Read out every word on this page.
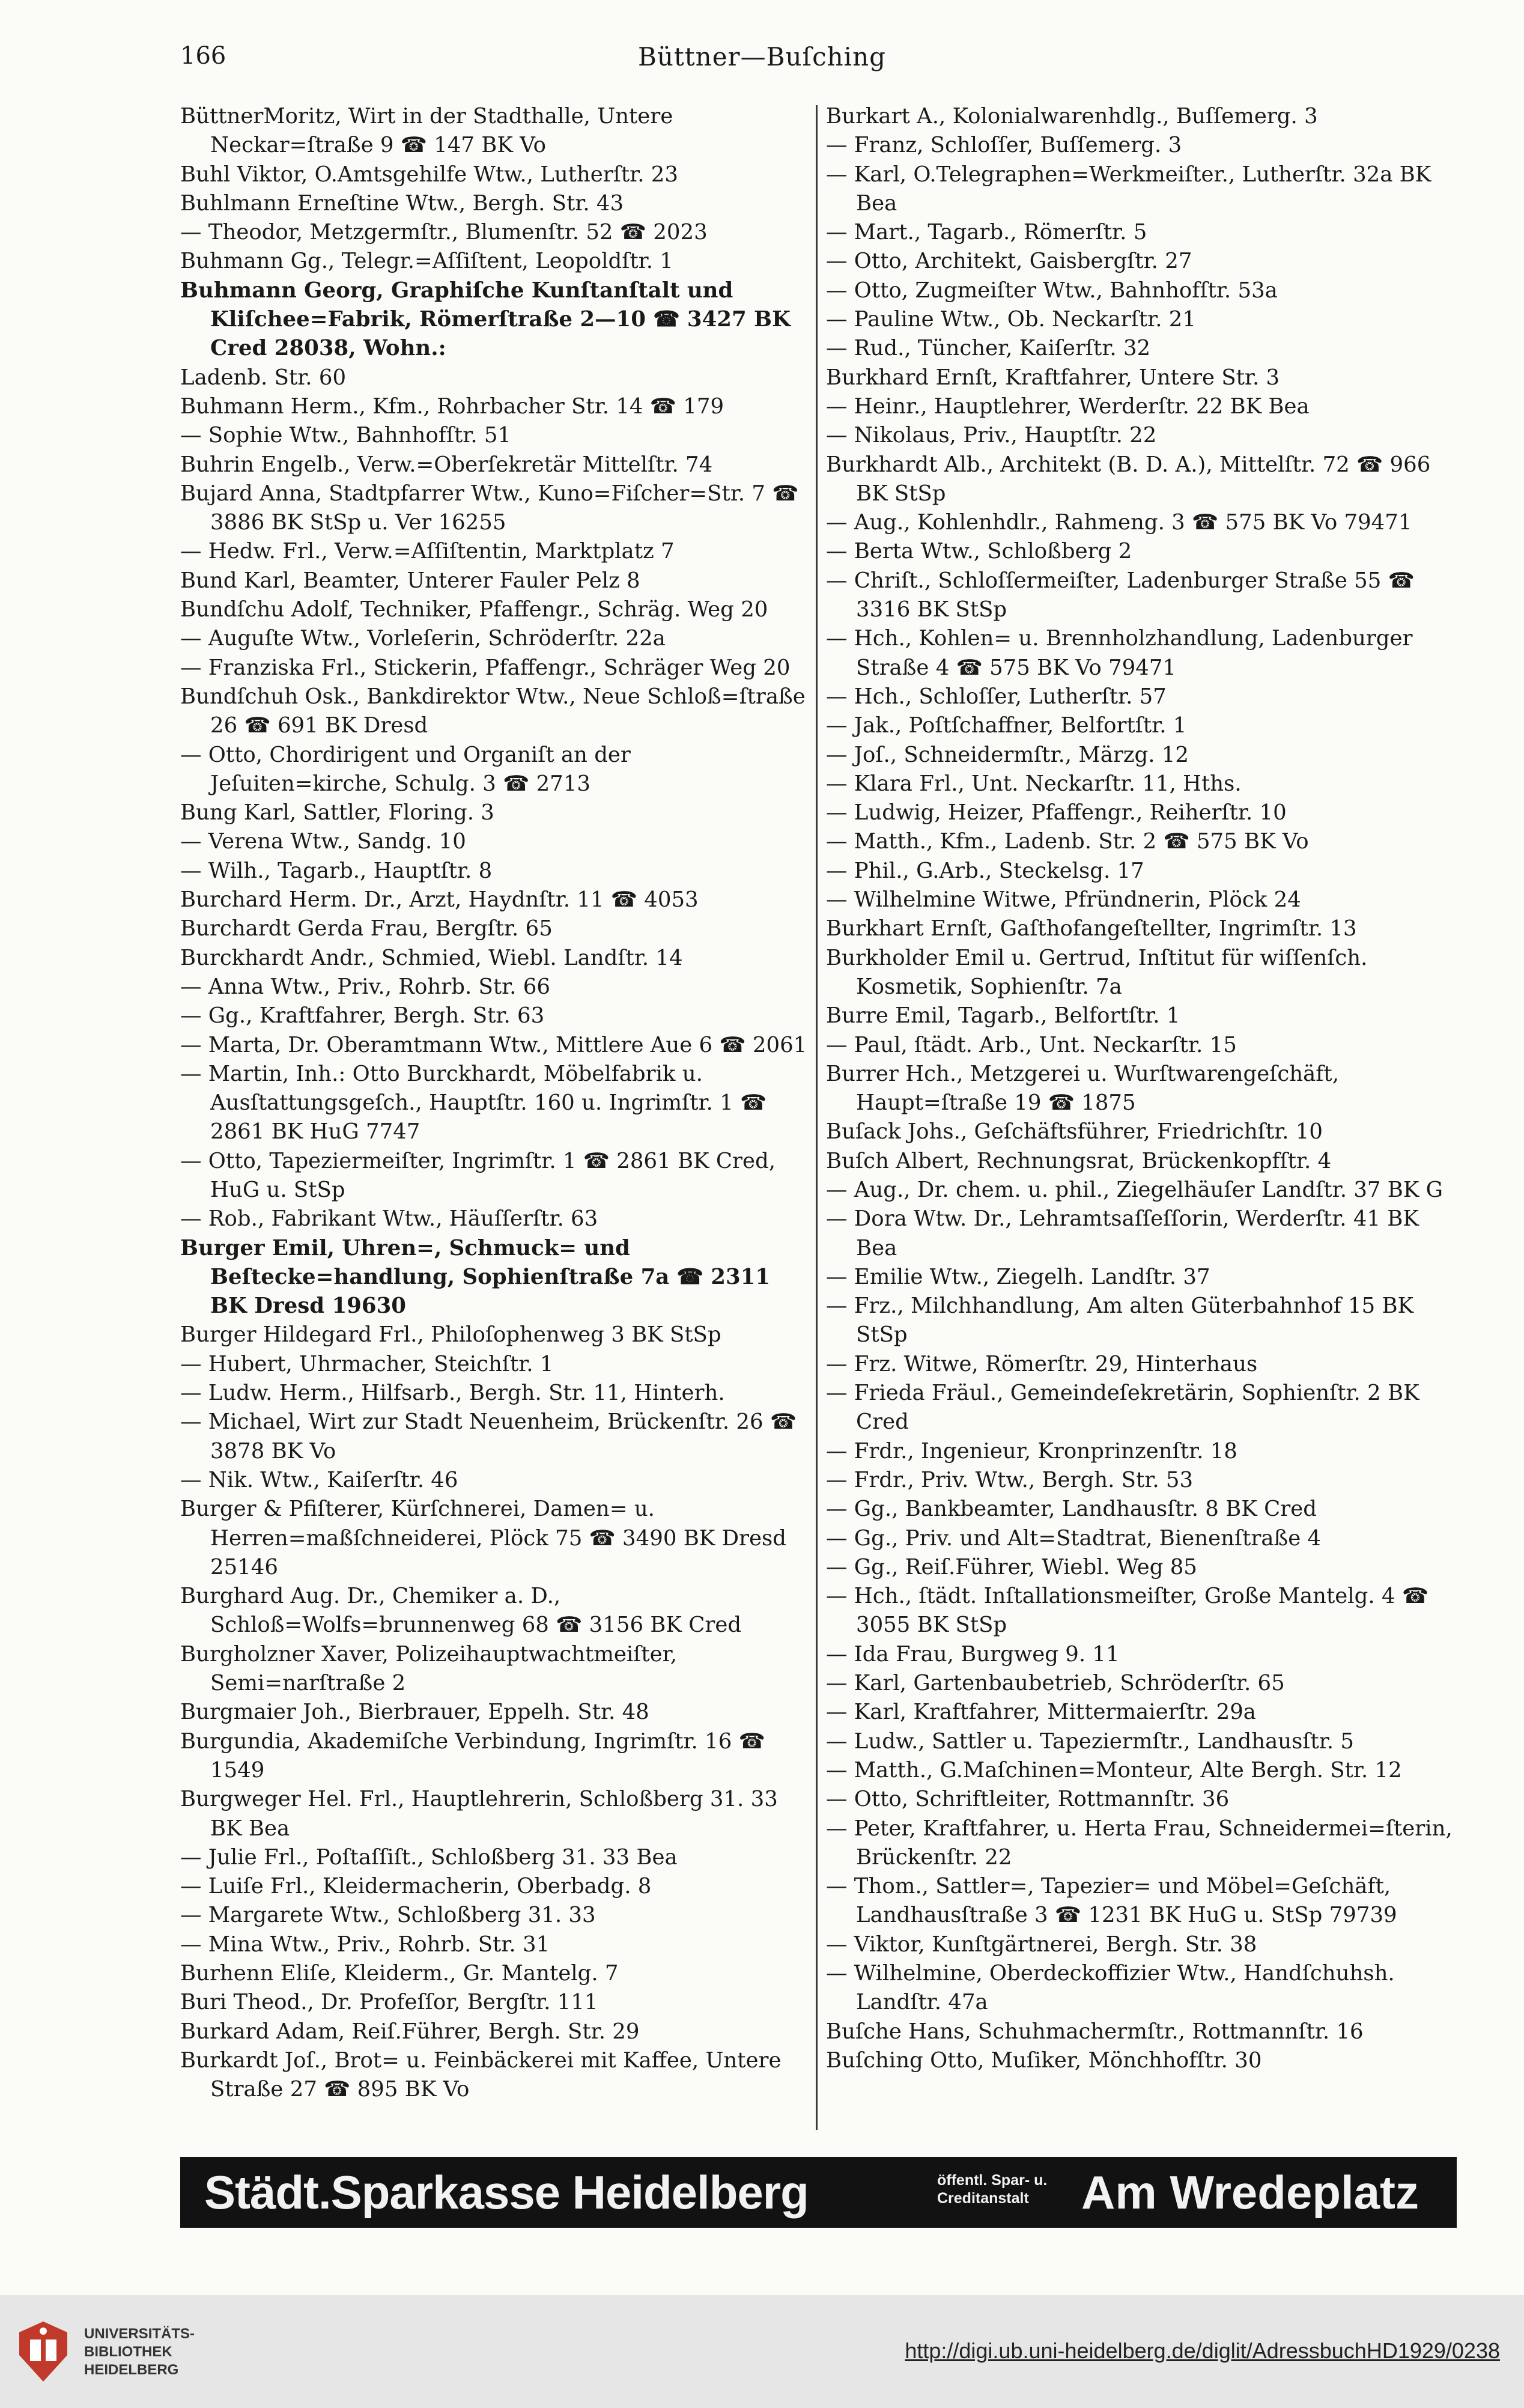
166	Büttner—Buſching
BüttnerMoritz, Wirt in der Stadthalle, Untere Neckar=ſtraße 9 ☎ 147 BK Vo
Buhl Viktor, O.Amtsgehilfe Wtw., Lutherſtr. 23
Buhlmann Erneſtine Wtw., Bergh. Str. 43
— Theodor, Metzgermſtr., Blumenſtr. 52 ☎ 2023
Buhmann Gg., Telegr.=Aſſiſtent, Leopoldſtr. 1
Buhmann Georg, Graphiſche Kunſtanſtalt und Kliſchee=Fabrik, Römerſtraße 2—10 ☎ 3427 BK Cred 28038, Wohn.:
Ladenb. Str. 60
Buhmann Herm., Kfm., Rohrbacher Str. 14 ☎ 179
— Sophie Wtw., Bahnhofſtr. 51
Buhrin Engelb., Verw.=Oberſekretär Mittelſtr. 74
Bujard Anna, Stadtpfarrer Wtw., Kuno=Fiſcher=Str. 7 ☎ 3886 BK StSp u. Ver 16255
— Hedw. Frl., Verw.=Aſſiſtentin, Marktplatz 7
Bund Karl, Beamter, Unterer Fauler Pelz 8
Bundſchu Adolf, Techniker, Pfaffengr., Schräg. Weg 20
— Auguſte Wtw., Vorleſerin, Schröderſtr. 22a
— Franziska Frl., Stickerin, Pfaffengr., Schräger Weg 20
Bundſchuh Osk., Bankdirektor Wtw., Neue Schloß=ſtraße 26 ☎ 691 BK Dresd
— Otto, Chordirigent und Organiſt an der Jeſuiten=kirche, Schulg. 3 ☎ 2713
Bung Karl, Sattler, Floring. 3
— Verena Wtw., Sandg. 10
— Wilh., Tagarb., Hauptſtr. 8
Burchard Herm. Dr., Arzt, Haydnſtr. 11 ☎ 4053
Burchardt Gerda Frau, Bergſtr. 65
Burckhardt Andr., Schmied, Wiebl. Landſtr. 14
— Anna Wtw., Priv., Rohrb. Str. 66
— Gg., Kraftfahrer, Bergh. Str. 63
— Marta, Dr. Oberamtmann Wtw., Mittlere Aue 6 ☎ 2061
— Martin, Inh.: Otto Burckhardt, Möbelfabrik u. Ausſtattungsgeſch., Hauptſtr. 160 u. Ingrimſtr. 1 ☎ 2861 BK HuG 7747
— Otto, Tapeziermeiſter, Ingrimſtr. 1 ☎ 2861 BK Cred, HuG u. StSp
— Rob., Fabrikant Wtw., Häuſſerſtr. 63
Burger Emil, Uhren=, Schmuck= und Beſtecke=handlung, Sophienſtraße 7a ☎ 2311 BK Dresd 19630
Burger Hildegard Frl., Philoſophenweg 3 BK StSp
— Hubert, Uhrmacher, Steichſtr. 1
— Ludw. Herm., Hilfsarb., Bergh. Str. 11, Hinterh.
— Michael, Wirt zur Stadt Neuenheim, Brückenſtr. 26 ☎ 3878 BK Vo
— Nik. Wtw., Kaiſerſtr. 46
Burger & Pfiſterer, Kürſchnerei, Damen= u. Herren=maßſchneiderei, Plöck 75 ☎ 3490 BK Dresd 25146
Burghard Aug. Dr., Chemiker a. D., Schloß=Wolfs=brunnenweg 68 ☎ 3156 BK Cred
Burgholzner Xaver, Polizeihauptwachtmeiſter, Semi=narſtraße 2
Burgmaier Joh., Bierbrauer, Eppelh. Str. 48
Burgundia, Akademiſche Verbindung, Ingrimſtr. 16 ☎ 1549
Burgweger Hel. Frl., Hauptlehrerin, Schloßberg 31. 33 BK Bea
— Julie Frl., Poſtaſſiſt., Schloßberg 31. 33 Bea
— Luiſe Frl., Kleidermacherin, Oberbadg. 8
— Margarete Wtw., Schloßberg 31. 33
— Mina Wtw., Priv., Rohrb. Str. 31
Burhenn Eliſe, Kleiderm., Gr. Mantelg. 7
Buri Theod., Dr. Profeſſor, Bergſtr. 111
Burkard Adam, Reiſ.Führer, Bergh. Str. 29
Burkardt Joſ., Brot= u. Feinbäckerei mit Kaffee, Untere Straße 27 ☎ 895 BK Vo
Burkart A., Kolonialwarenhdlg., Buſſemerg. 3
— Franz, Schloſſer, Buſſemerg. 3
— Karl, O.Telegraphen=Werkmeiſter., Lutherſtr. 32a BK Bea
— Mart., Tagarb., Römerſtr. 5
— Otto, Architekt, Gaisbergſtr. 27
— Otto, Zugmeiſter Wtw., Bahnhofſtr. 53a
— Pauline Wtw., Ob. Neckarſtr. 21
— Rud., Tüncher, Kaiſerſtr. 32
Burkhard Ernſt, Kraftfahrer, Untere Str. 3
— Heinr., Hauptlehrer, Werderſtr. 22 BK Bea
— Nikolaus, Priv., Hauptſtr. 22
Burkhardt Alb., Architekt (B. D. A.), Mittelſtr. 72 ☎ 966 BK StSp
— Aug., Kohlenhdlr., Rahmeng. 3 ☎ 575 BK Vo 79471
— Berta Wtw., Schloßberg 2
— Chriſt., Schloſſermeiſter, Ladenburger Straße 55 ☎ 3316 BK StSp
— Hch., Kohlen= u. Brennholzhandlung, Ladenburger Straße 4 ☎ 575 BK Vo 79471
— Hch., Schloſſer, Lutherſtr. 57
— Jak., Poſtſchaffner, Belfortſtr. 1
— Joſ., Schneidermſtr., Märzg. 12
— Klara Frl., Unt. Neckarſtr. 11, Hths.
— Ludwig, Heizer, Pfaffengr., Reiherſtr. 10
— Matth., Kfm., Ladenb. Str. 2 ☎ 575 BK Vo
— Phil., G.Arb., Steckelsg. 17
— Wilhelmine Witwe, Pfründnerin, Plöck 24
Burkhart Ernſt, Gaſthofangeſtellter, Ingrimſtr. 13
Burkholder Emil u. Gertrud, Inſtitut für wiſſenſch. Kosmetik, Sophienſtr. 7a
Burre Emil, Tagarb., Belfortſtr. 1
— Paul, ſtädt. Arb., Unt. Neckarſtr. 15
Burrer Hch., Metzgerei u. Wurſtwarengeſchäft, Haupt=ſtraße 19 ☎ 1875
Buſack Johs., Geſchäftsführer, Friedrichſtr. 10
Buſch Albert, Rechnungsrat, Brückenkopfſtr. 4
— Aug., Dr. chem. u. phil., Ziegelhäuſer Landſtr. 37 BK G
— Dora Wtw. Dr., Lehramtsaſſeſſorin, Werderſtr. 41 BK Bea
— Emilie Wtw., Ziegelh. Landſtr. 37
— Frz., Milchhandlung, Am alten Güterbahnhof 15 BK StSp
— Frz. Witwe, Römerſtr. 29, Hinterhaus
— Frieda Fräul., Gemeindeſekretärin, Sophienſtr. 2 BK Cred
— Frdr., Ingenieur, Kronprinzenſtr. 18
— Frdr., Priv. Wtw., Bergh. Str. 53
— Gg., Bankbeamter, Landhausſtr. 8 BK Cred
— Gg., Priv. und Alt=Stadtrat, Bienenſtraße 4
— Gg., Reiſ.Führer, Wiebl. Weg 85
— Hch., ſtädt. Inſtallationsmeiſter, Große Mantelg. 4 ☎ 3055 BK StSp
— Ida Frau, Burgweg 9. 11
— Karl, Gartenbaubetrieb, Schröderſtr. 65
— Karl, Kraftfahrer, Mittermaierſtr. 29a
— Ludw., Sattler u. Tapeziermſtr., Landhausſtr. 5
— Matth., G.Maſchinen=Monteur, Alte Bergh. Str. 12
— Otto, Schriftleiter, Rottmannſtr. 36
— Peter, Kraftfahrer, u. Herta Frau, Schneidermei=ſterin, Brückenſtr. 22
— Thom., Sattler=, Tapezier= und Möbel=Geſchäft, Landhausſtraße 3 ☎ 1231 BK HuG u. StSp 79739
— Viktor, Kunſtgärtnerei, Bergh. Str. 38
— Wilhelmine, Oberdeckoffizier Wtw., Handſchuhsh. Landſtr. 47a
Buſche Hans, Schuhmachermſtr., Rottmannſtr. 16
Buſching Otto, Muſiker, Mönchhofſtr. 30
Städt.Sparkasse Heidelberg	öffentl. Spar- u.
Creditanstalt	Am Wredeplatz
UNIVERSITÄTS-
BIBLIOTHEK
HEIDELBERG
http://digi.ub.uni-heidelberg.de/diglit/AdressbuchHD1929/0238
